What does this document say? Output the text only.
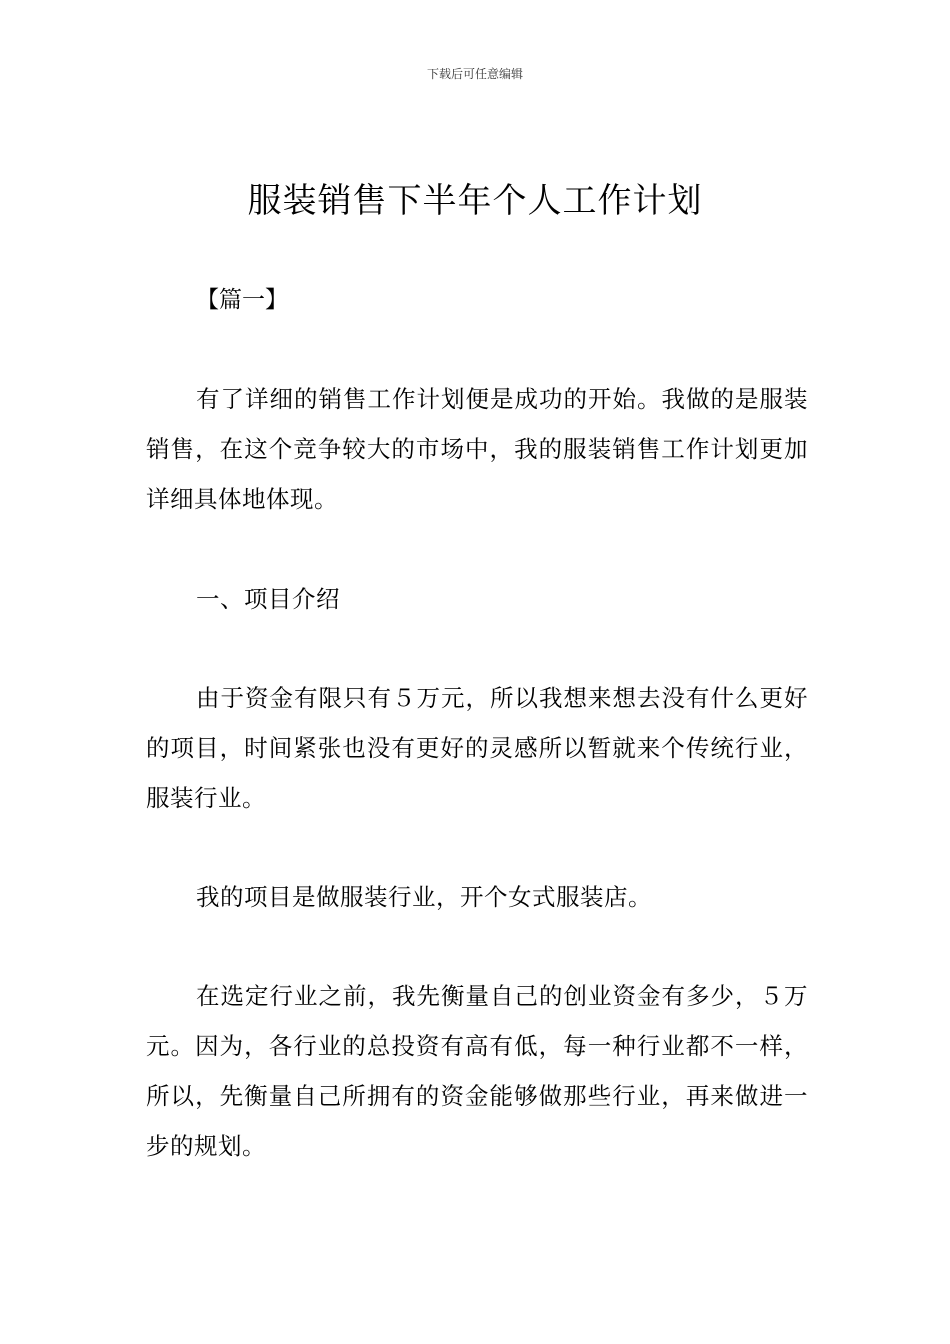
下载后可任意编辑
服装销售下半年个人工作计划

【篇一】

有了详细的销售工作计划便是成功的开始。我做的是服装销售，在这个竞争较大的市场中，我的服装销售工作计划更加详细具体地体现。

一、项目介绍

由于资金有限只有５万元，所以我想来想去没有什么更好的项目，时间紧张也没有更好的灵感所以暂就来个传统行业，服装行业。

我的项目是做服装行业，开个女式服装店。

在选定行业之前，我先衡量自己的创业资金有多少，５万元。因为，各行业的总投资有高有低，每一种行业都不一样，所以，先衡量自己所拥有的资金能够做那些行业，再来做进一步的规划。
